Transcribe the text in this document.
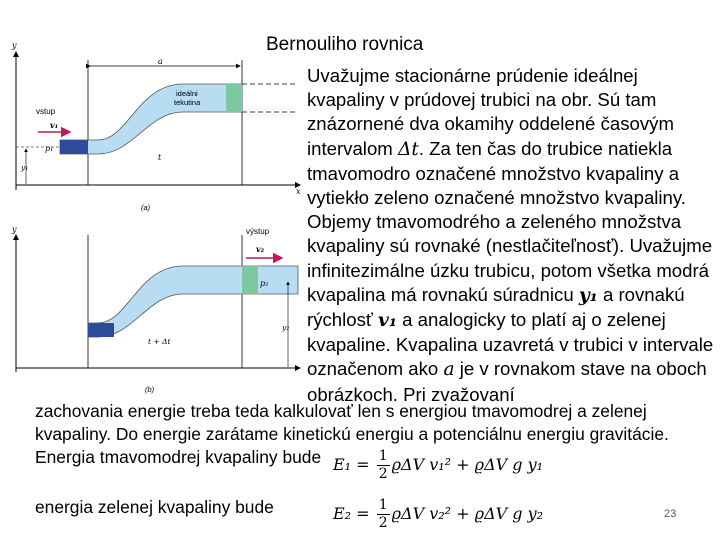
Bernouliho rovnica
y
x
a
ideálni
tekutina
vstup
v₁
p₁
y₁
t
(a)
y	výstup
v₂
p₂
y₂
t + Δt
(b)

Uvažujme stacionárne prúdenie ideálnej kvapaliny v prúdovej trubici na obr. Sú tam znázornené dva okamihy oddelené časovým intervalom Δt. Za ten čas do trubice natiekla tmavomodro označené množstvo kvapaliny a vytiekło zeleno označené množstvo kvapaliny. Objemy tmavomodrého a zeleného množstva kvapaliny sú rovnaké (nestlačiteľnosť). Uvažujme infinitezimálne úzku trubicu, potom všetka modrá kvapalina má rovnakú súradnicu y₁ a rovnakú rýchlosť v₁ a analogicky to platí aj o zelenej kvapaline. Kvapalina uzavretá v trubici v intervale označenom ako a je v rovnakom stave na oboch obrázkoch. Pri zvažovaní

zachovania energie treba teda kalkulovať len s energiou tmavomodrej a zelenej kvapaliny. Do energie zarátame kinetickú energiu a potenciálnu energiu gravitácie. Energia tmavomodrej kvapaliny bude $E_1 = \frac{1}{2}$ ϱΔV v₁² + ϱΔV g y₁
energia zelenej kvapaliny bude	$E_2 = \frac{1}{2}$ ϱΔV v₂² + ϱΔV g y₂	23
